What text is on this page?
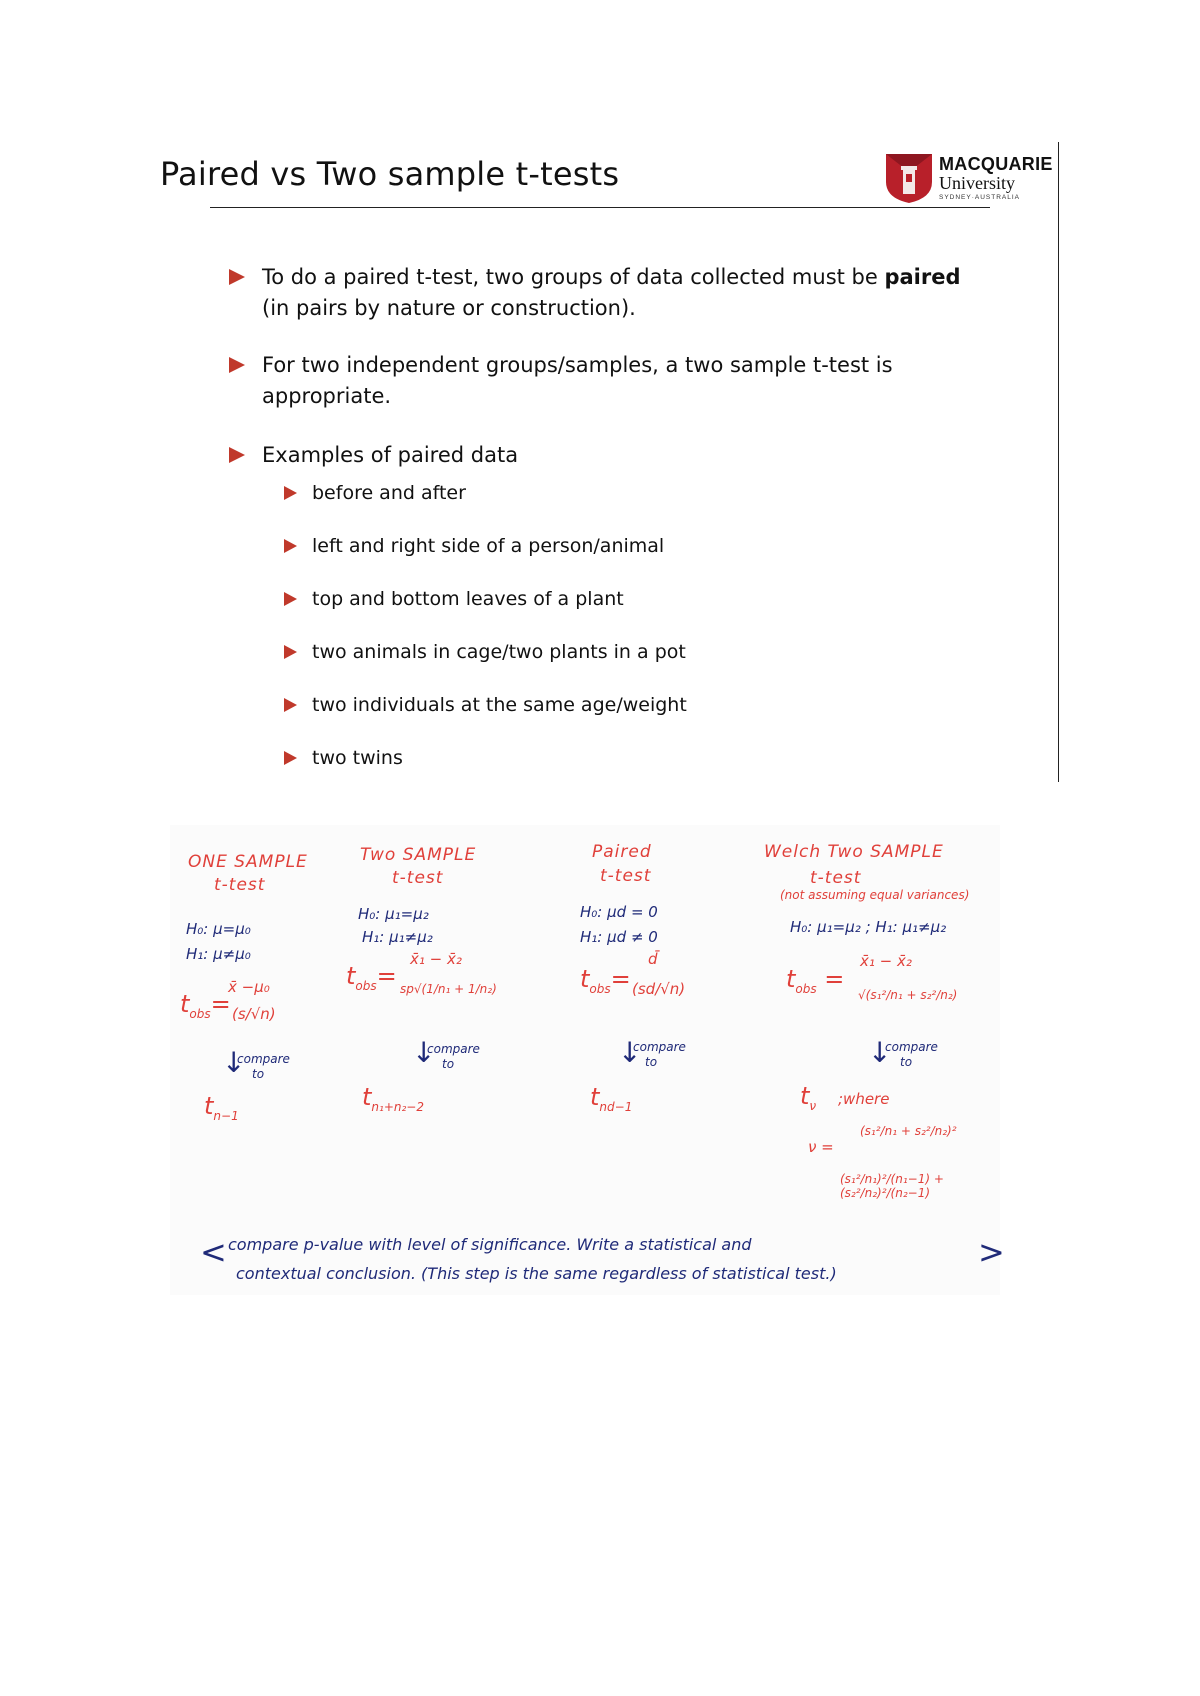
Paired vs Two sample t-tests	MACQUARIE
University
SYDNEY·AUSTRALIA
To do a paired t-test, two groups of data collected must be paired
(in pairs by nature or construction).
For two independent groups/samples, a two sample t-test is
appropriate.
Examples of paired data
before and after
left and right side of a person/animal
top and bottom leaves of a plant
two animals in cage/two plants in a pot
two individuals at the same age/weight
two twins
ONE SAMPLE
t-test
H₀: μ=μ₀
H₁: μ≠μ₀
$t_{obs}=$
x̄ −μ₀
(s/√n)
↓
compare
to
$t_{n-1}$
Two SAMPLE
t-test
H₀: μ₁=μ₂
H₁: μ₁≠μ₂
$t_{obs}=$
x̄₁ − x̄₂
sp√(1/n₁ + 1/n₂)
↓
compare
to
$t_{n_1+n_2-2}$
Paired
t-test
H₀: μd = 0
H₁: μd ≠ 0
$t_{obs}=$
d̄
(sd/√n)
↓
compare
to
$t_{nd-1}$
Welch Two SAMPLE
t-test
(not assuming equal variances)
H₀: μ₁=μ₂ ; H₁: μ₁≠μ₂
$t_{obs}$ =
x̄₁ − x̄₂
√(s₁²/n₁ + s₂²/n₂)
↓
compare
to
$t_\nu$ ;where
ν =
(s₁²/n₁ + s₂²/n₂)²
(s₁²/n₁)²/(n₁−1) + (s₂²/n₂)²/(n₂−1)
< compare p-value with level of significance. Write a statistical and
contextual conclusion. (This step is the same regardless of statistical test.)
>
